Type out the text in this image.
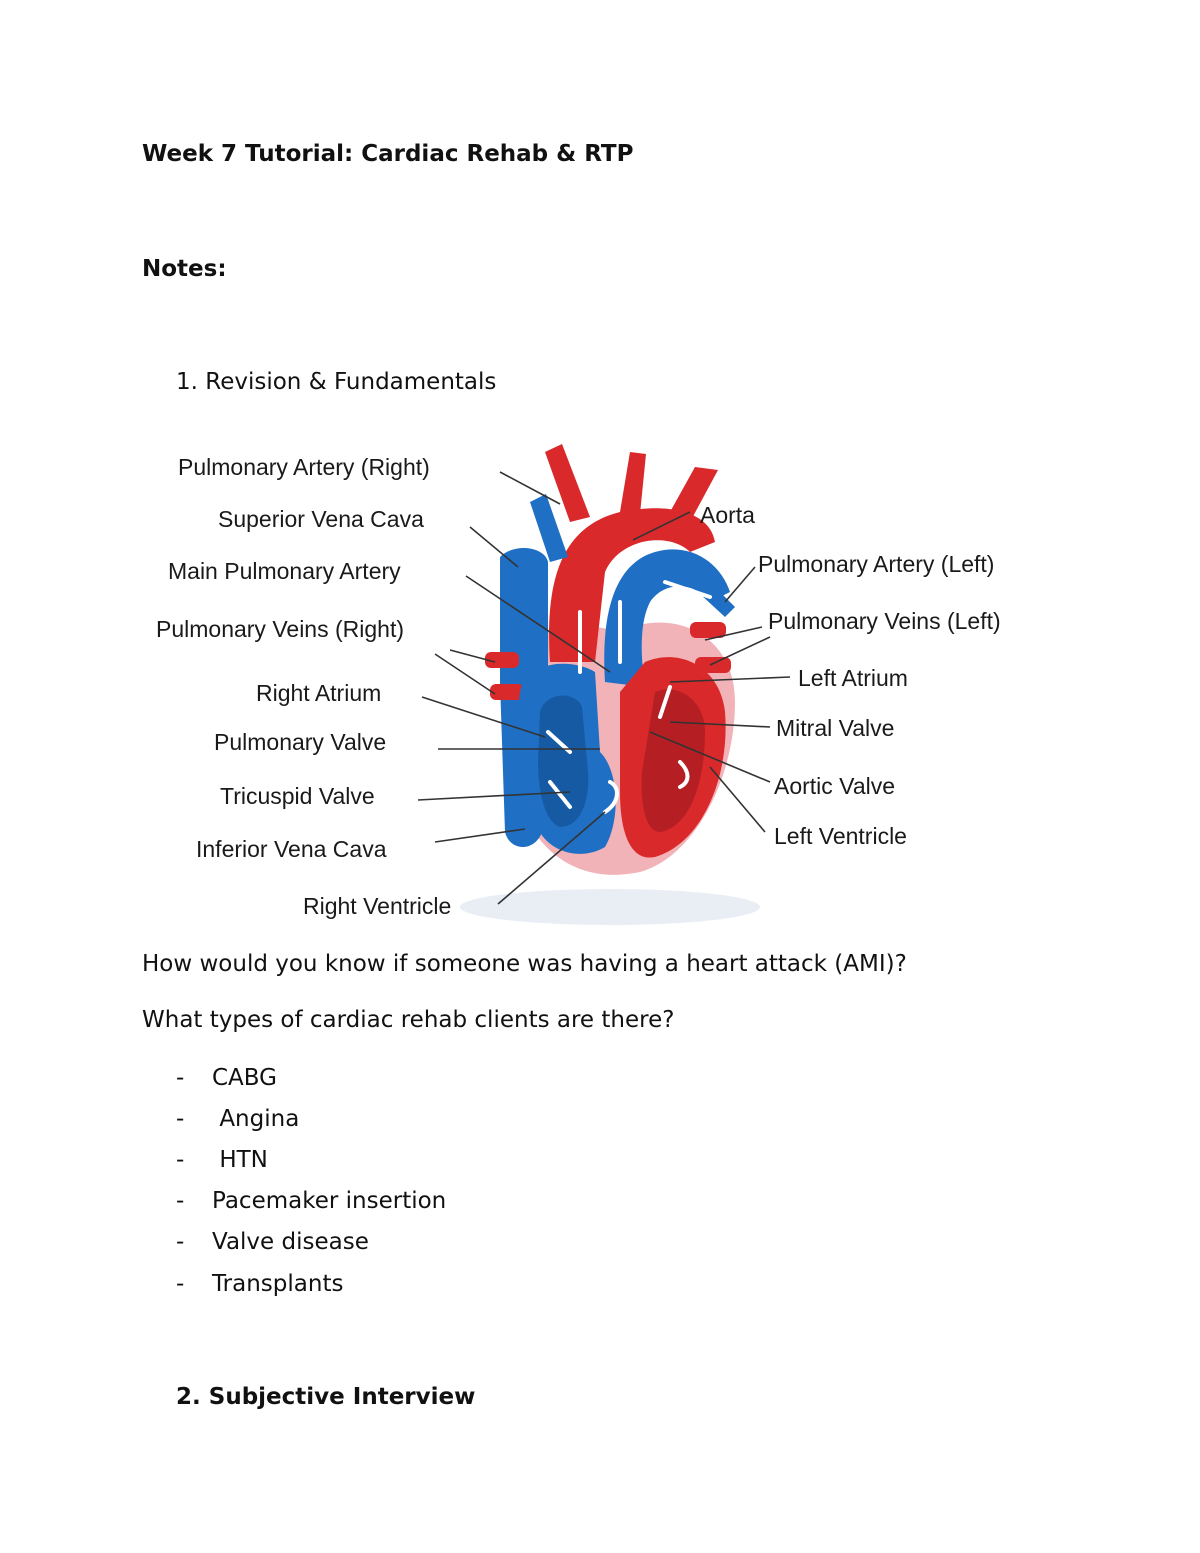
Week 7 Tutorial: Cardiac Rehab & RTP
Notes:
1. Revision & Fundamentals
Pulmonary Artery (Right)
Superior Vena Cava
Main Pulmonary Artery
Pulmonary Veins (Right)
Right Atrium
Pulmonary Valve
Tricuspid Valve
Inferior Vena Cava
Right Ventricle
Aorta
Pulmonary Artery (Left)
Pulmonary Veins (Left)
Left Atrium
Mitral Valve
Aortic Valve
Left Ventricle
How would you know if someone was having a heart attack (AMI)?
What types of cardiac rehab clients are there?
- CABG
- Angina
- HTN
- Pacemaker insertion
- Valve disease
- Transplants
2. Subjective Interview
